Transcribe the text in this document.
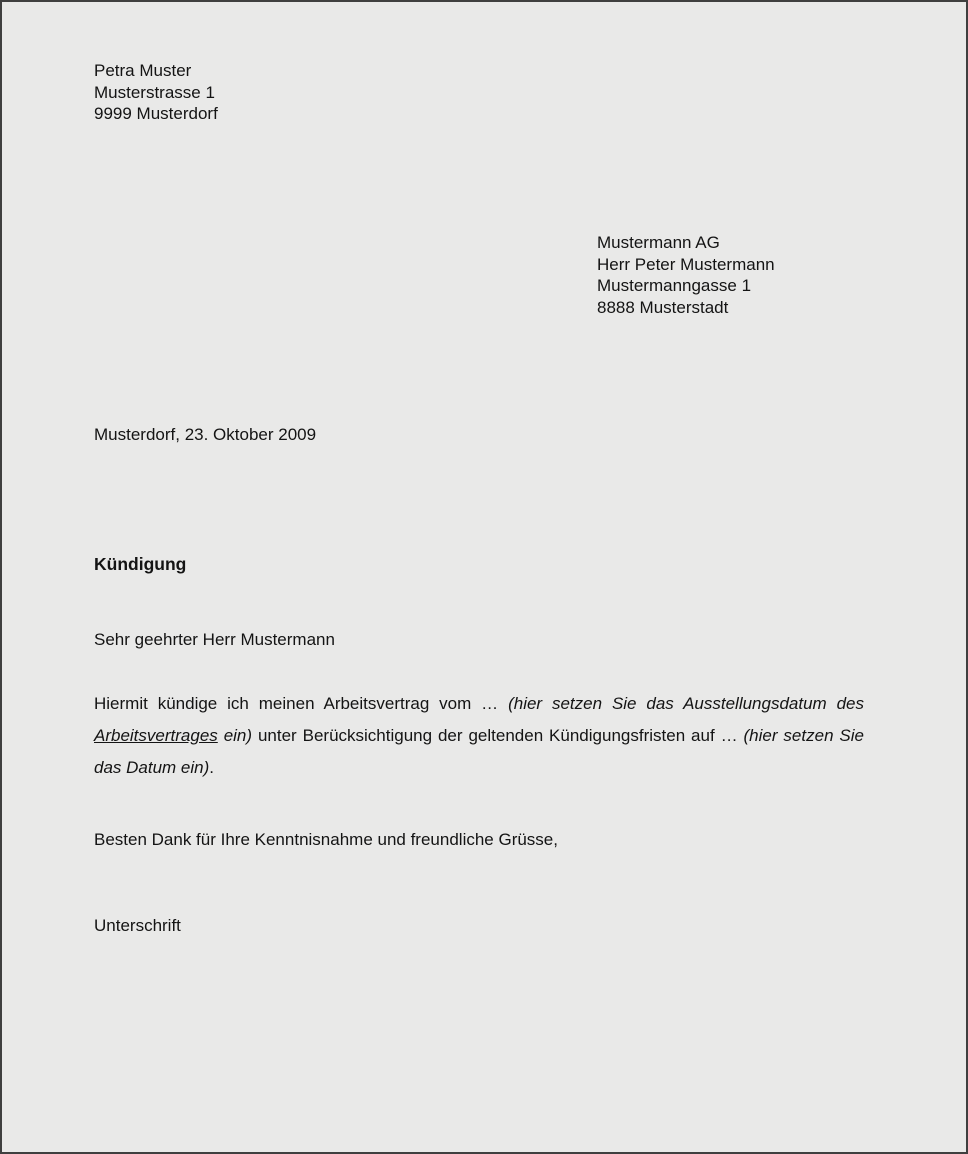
Petra Muster
Musterstrasse 1
9999 Musterdorf
Mustermann AG
Herr Peter Mustermann
Mustermanngasse 1
8888 Musterstadt
Musterdorf, 23. Oktober 2009
Kündigung
Sehr geehrter Herr Mustermann

Hiermit kündige ich meinen Arbeitsvertrag vom … (hier setzen Sie das Ausstellungsdatum des Arbeitsvertrages ein) unter Berücksichtigung der geltenden Kündigungsfristen auf … (hier setzen Sie das Datum ein).

Besten Dank für Ihre Kenntnisnahme und freundliche Grüsse,
Unterschrift
